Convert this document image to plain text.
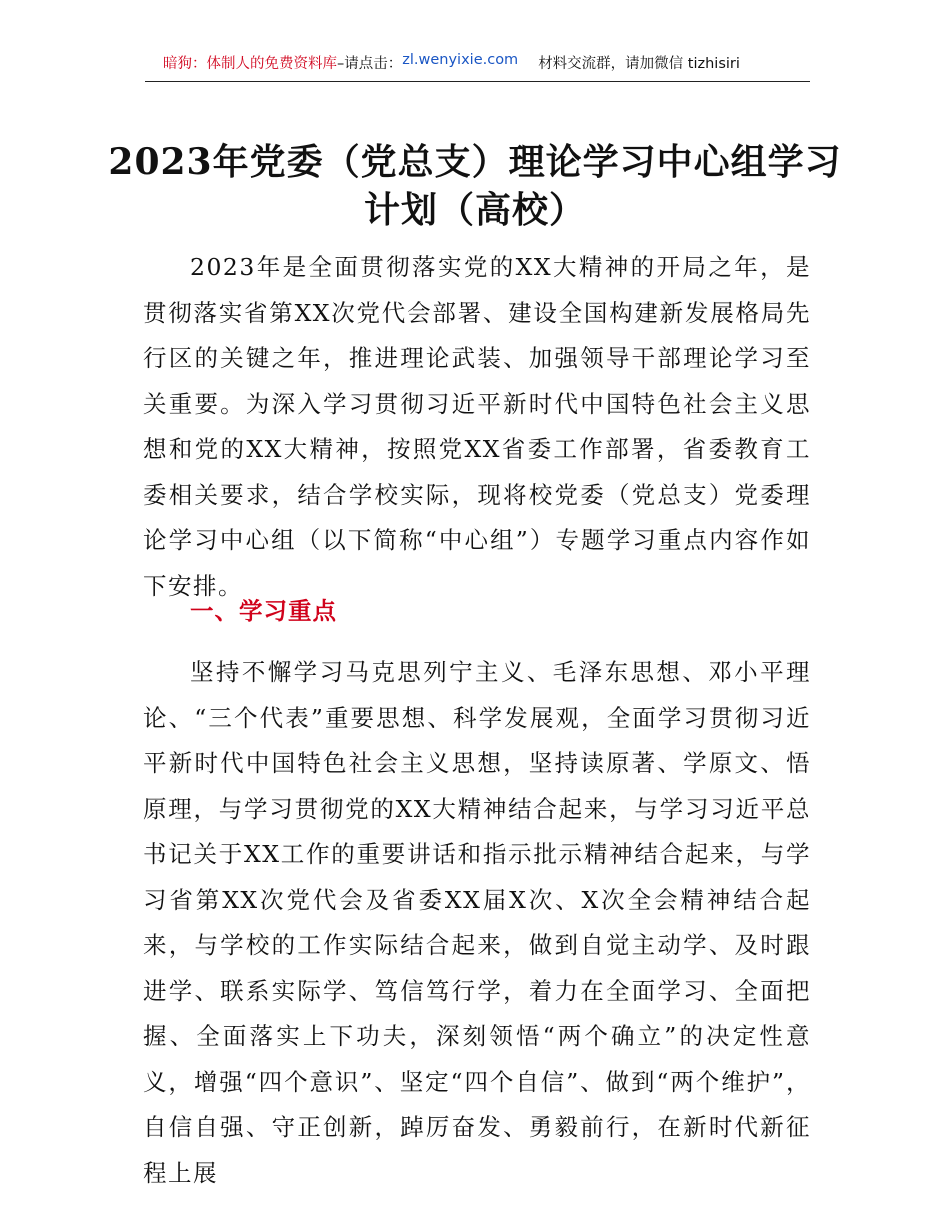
暗狗：体制人的免费资料库 –请点击： zl.wenyixie.com 材料交流群，请加微信 tizhisiri
2023年党委（党总支）理论学习中心组学习
计划（高校）

2023年是全面贯彻落实党的XX大精神的开局之年，是贯彻落实省第XX次党代会部署、建设全国构建新发展格局先行区的关键之年，推进理论武装、加强领导干部理论学习至关重要。为深入学习贯彻习近平新时代中国特色社会主义思想和党的XX大精神，按照党XX省委工作部署，省委教育工委相关要求，结合学校实际，现将校党委（党总支）党委理论学习中心组（以下简称“中心组”）专题学习重点内容作如下安排。

一、学习重点

坚持不懈学习马克思列宁主义、毛泽东思想、邓小平理论、“三个代表”重要思想、科学发展观，全面学习贯彻习近平新时代中国特色社会主义思想，坚持读原著、学原文、悟原理，与学习贯彻党的XX大精神结合起来，与学习习近平总书记关于XX工作的重要讲话和指示批示精神结合起来，与学习省第XX次党代会及省委XX届X次、X次全会精神结合起来，与学校的工作实际结合起来，做到自觉主动学、及时跟进学、联系实际学、笃信笃行学，着力在全面学习、全面把握、全面落实上下功夫，深刻领悟“两个确立”的决定性意义，增强“四个意识”、坚定“四个自信”、做到“两个维护”，自信自强、守正创新，踔厉奋发、勇毅前行，在新时代新征程上展
